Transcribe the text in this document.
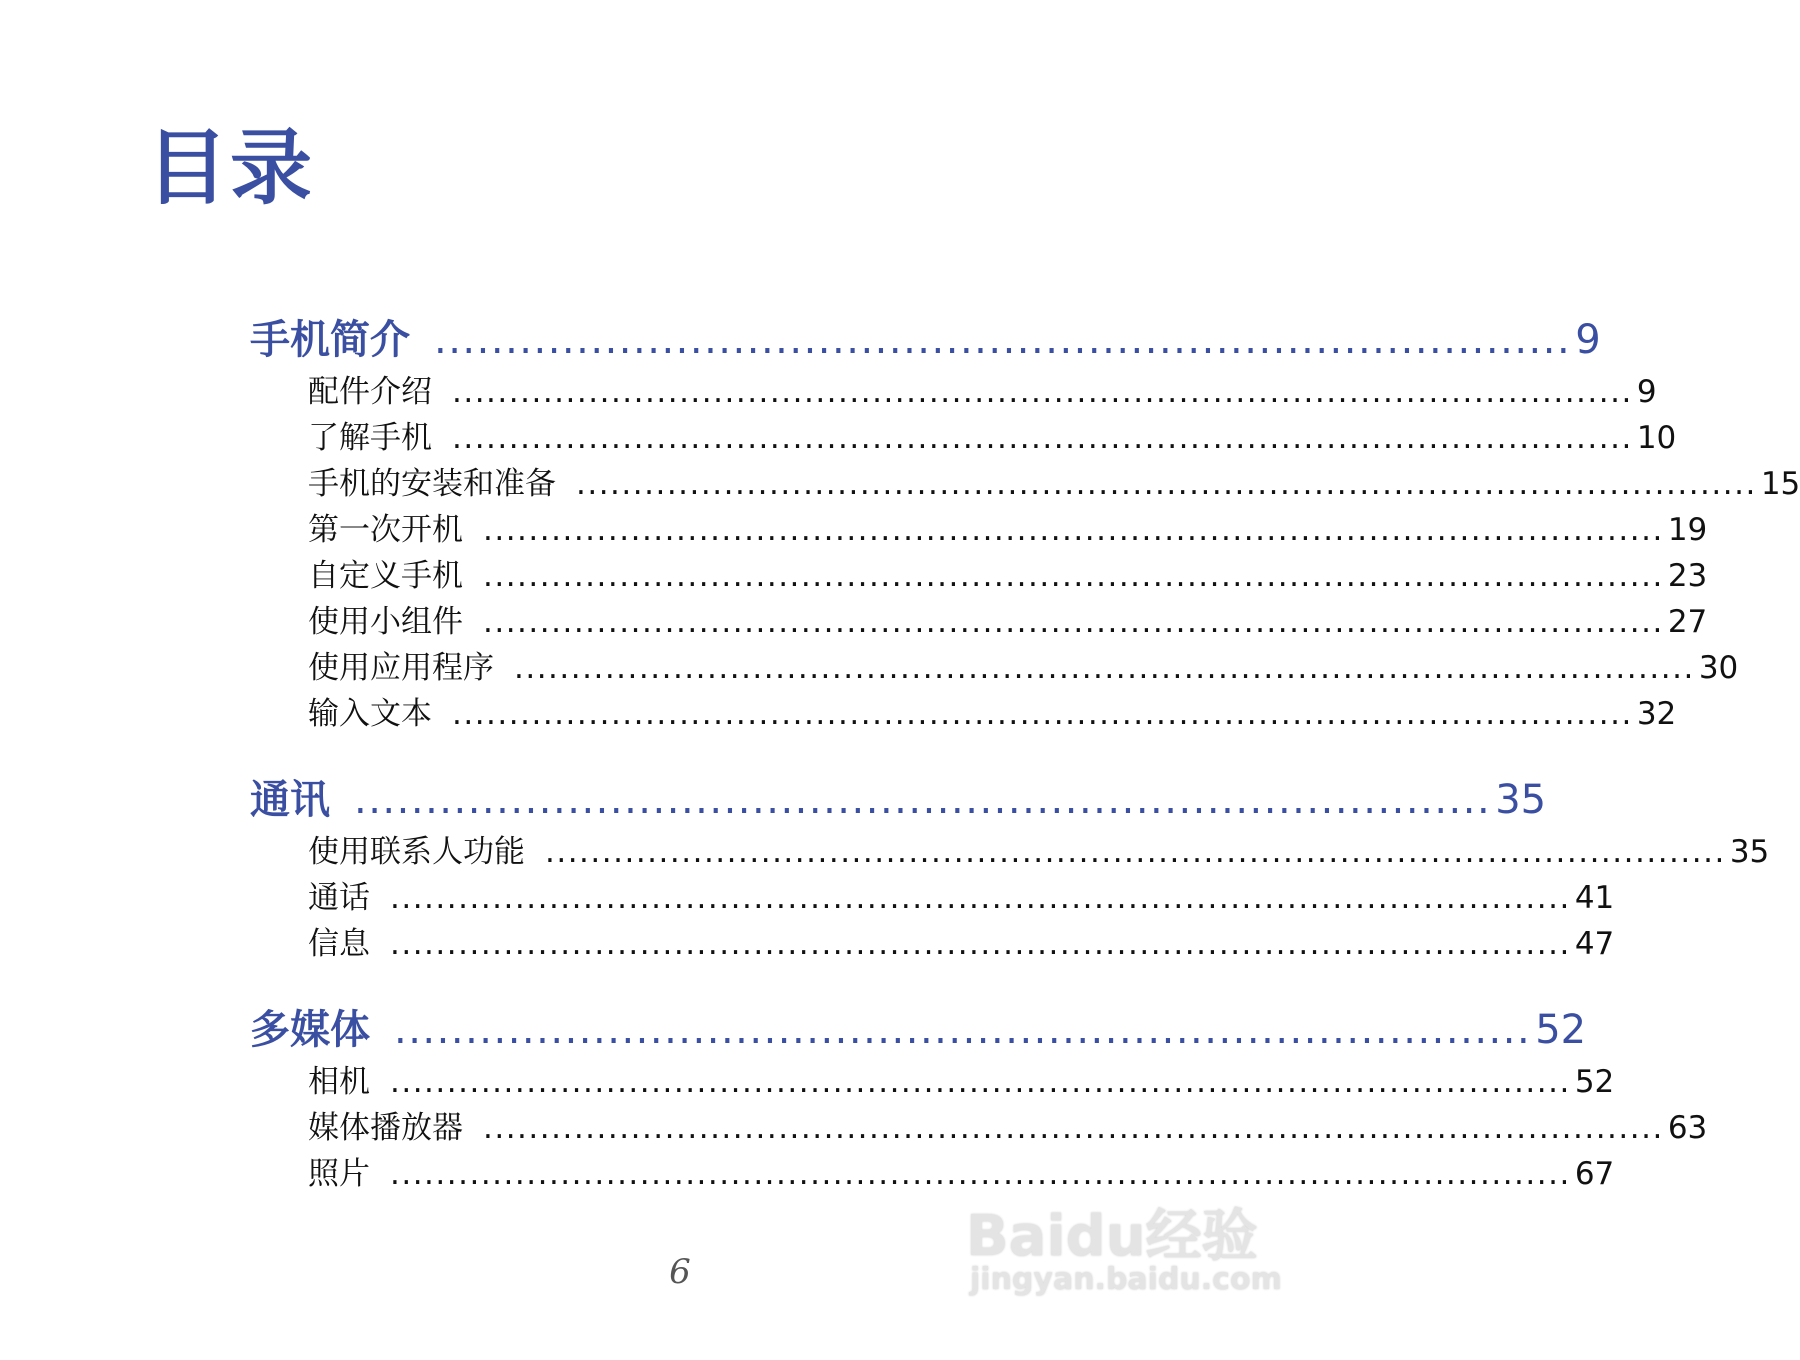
目录
手机简介 ................................................................................ 9
配件介绍 ........................................................................................................ 9
了解手机 ........................................................................................................ 10
手机的安装和准备 ........................................................................................................ 15
第一次开机 ........................................................................................................ 19
自定义手机 ........................................................................................................ 23
使用小组件 ........................................................................................................ 27
使用应用程序 ........................................................................................................ 30
输入文本 ........................................................................................................ 32
通讯 ................................................................................ 35
使用联系人功能 ........................................................................................................ 35
通话 ........................................................................................................ 41
信息 ........................................................................................................ 47
多媒体 ................................................................................ 52
相机 ........................................................................................................ 52
媒体播放器 ........................................................................................................ 63
照片 ........................................................................................................ 67
6
Baidu经验
jingyan.baidu.com
